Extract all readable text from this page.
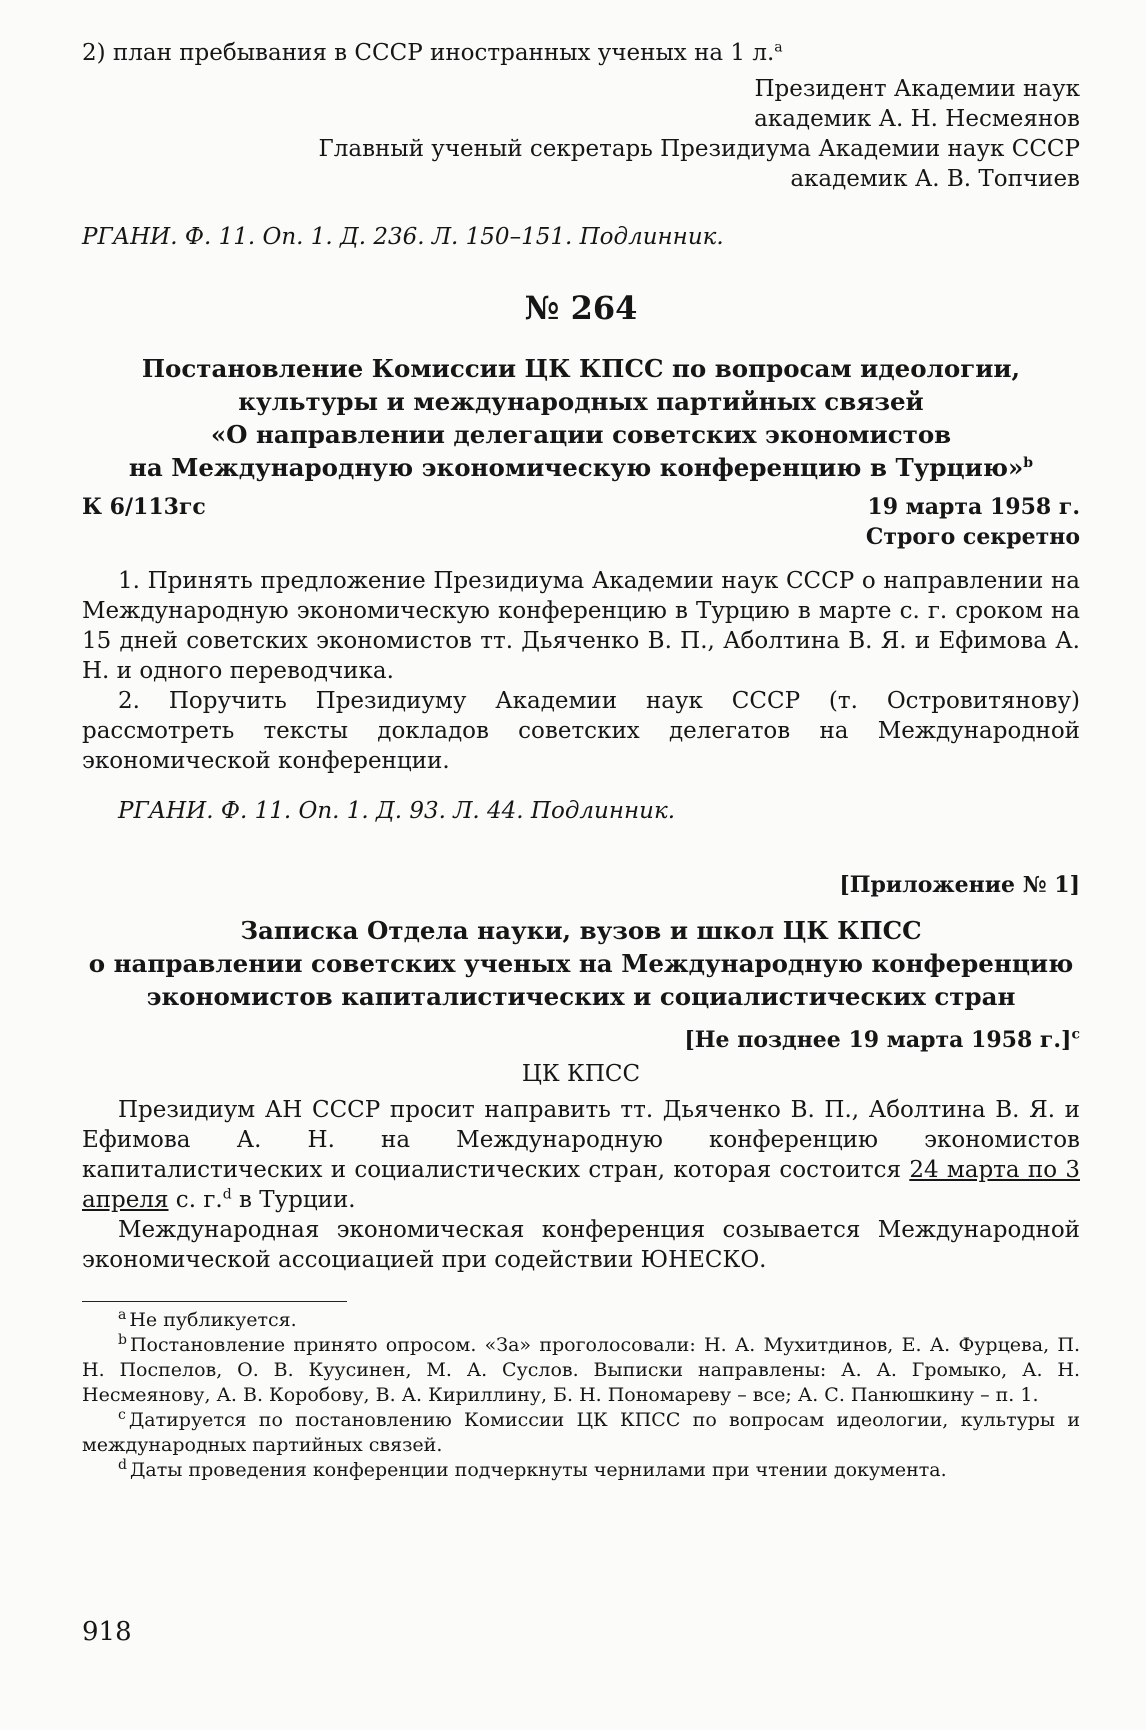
2) план пребывания в СССР иностранных ученых на 1 л.$^a$

Президент Академии наук

академик А. Н. Несмеянов

Главный ученый секретарь Президиума Академии наук СССР

академик А. В. Топчиев

РГАНИ. Ф. 11. Оп. 1. Д. 236. Л. 150–151. Подлинник.

№ 264

Постановление Комиссии ЦК КПСС по вопросам идеологии,
культуры и международных партийных связей
«О направлении делегации советских экономистов
на Международную экономическую конференцию в Турцию»$^b$
К 6/113гс	19 марта 1958 г.
Строго секретно

1. Принять предложение Президиума Академии наук СССР о направлении на Международную экономическую конференцию в Турцию в марте с. г. сроком на 15 дней советских экономистов тт. Дьяченко В. П., Аболтина В. Я. и Ефимова А. Н. и одного переводчика.

2. Поручить Президиуму Академии наук СССР (т. Островитянову) рассмотреть тексты докладов советских делегатов на Международной экономической конференции.

РГАНИ. Ф. 11. Оп. 1. Д. 93. Л. 44. Подлинник.

[Приложение № 1]

Записка Отдела науки, вузов и школ ЦК КПСС
о направлении советских ученых на Международную конференцию
экономистов капиталистических и социалистических стран

[Не позднее 19 марта 1958 г.]$^c$

ЦК КПСС

Президиум АН СССР просит направить тт. Дьяченко В. П., Аболтина В. Я. и Ефимова А. Н. на Международную конференцию экономистов капиталистических и социалистических стран, которая состоится 24 марта по 3 апреля с. г.$^d$ в Турции.

Международная экономическая конференция созывается Международной экономической ассоциацией при содействии ЮНЕСКО.

$^a$ Не публикуется.

$^b$ Постановление принято опросом. «За» проголосовали: Н. А. Мухитдинов, Е. А. Фурцева, П. Н. Поспелов, О. В. Куусинен, М. А. Суслов. Выписки направлены: А. А. Громыко, А. Н. Несмеянову, А. В. Коробову, В. А. Кириллину, Б. Н. Пономареву – все; А. С. Панюшкину – п. 1.

$^c$ Датируется по постановлению Комиссии ЦК КПСС по вопросам идеологии, культуры и международных партийных связей.

$^d$ Даты проведения конференции подчеркнуты чернилами при чтении документа.

918
